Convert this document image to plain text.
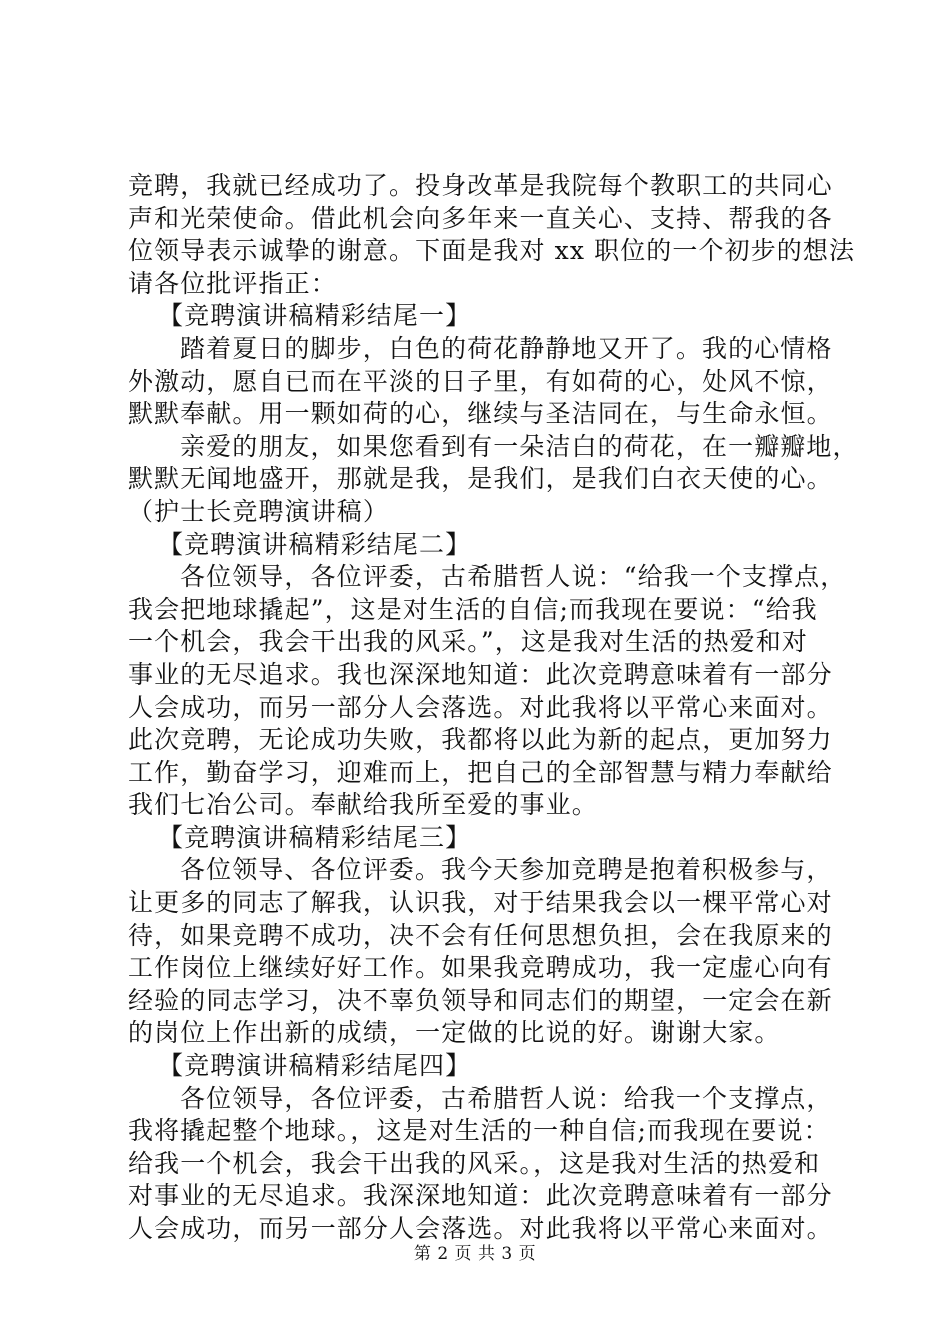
竞聘，我就已经成功了。投身改革是我院每个教职工的共同心
声和光荣使命。借此机会向多年来一直关心、支持、帮我的各
位领导表示诚挚的谢意。下面是我对 xx 职位的一个初步的想法
请各位批评指正：
【竞聘演讲稿精彩结尾一】
踏着夏日的脚步，白色的荷花静静地又开了。我的心情格
外激动，愿自已而在平淡的日子里，有如荷的心，处风不惊，
默默奉献。用一颗如荷的心，继续与圣洁同在，与生命永恒。
亲爱的朋友，如果您看到有一朵洁白的荷花，在一瓣瓣地，
默默无闻地盛开，那就是我，是我们，是我们白衣天使的心。
（护士长竞聘演讲稿）
【竞聘演讲稿精彩结尾二】
各位领导，各位评委，古希腊哲人说：“给我一个支撑点，
我会把地球撬起”，这是对生活的自信;而我现在要说：“给我
一个机会，我会干出我的风采。”，这是我对生活的热爱和对
事业的无尽追求。我也深深地知道：此次竞聘意味着有一部分
人会成功，而另一部分人会落选。对此我将以平常心来面对。
此次竞聘，无论成功失败，我都将以此为新的起点，更加努力
工作，勤奋学习，迎难而上，把自己的全部智慧与精力奉献给
我们七冶公司。奉献给我所至爱的事业。
【竞聘演讲稿精彩结尾三】
各位领导、各位评委。我今天参加竞聘是抱着积极参与，
让更多的同志了解我，认识我，对于结果我会以一棵平常心对
待，如果竞聘不成功，决不会有任何思想负担，会在我原来的
工作岗位上继续好好工作。如果我竞聘成功，我一定虚心向有
经验的同志学习，决不辜负领导和同志们的期望，一定会在新
的岗位上作出新的成绩，一定做的比说的好。谢谢大家。
【竞聘演讲稿精彩结尾四】
各位领导，各位评委，古希腊哲人说：给我一个支撑点，
我将撬起整个地球。，这是对生活的一种自信;而我现在要说：
给我一个机会，我会干出我的风采。，这是我对生活的热爱和
对事业的无尽追求。我深深地知道：此次竞聘意味着有一部分
人会成功，而另一部分人会落选。对此我将以平常心来面对。
第 2 页 共 3 页
